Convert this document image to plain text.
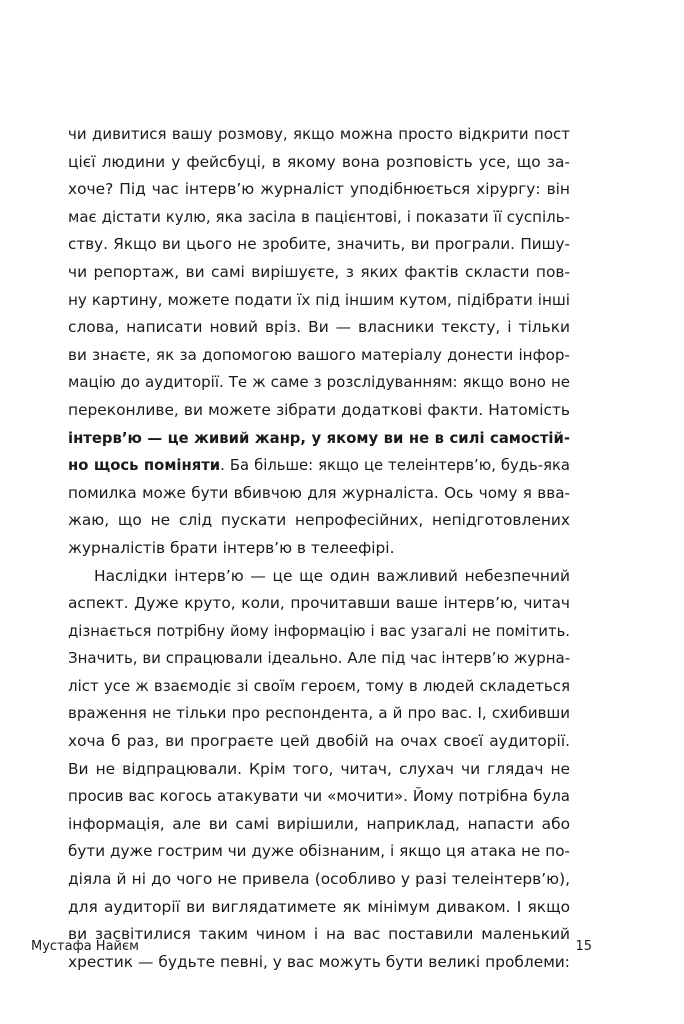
чи дивитися вашу розмову, якщо можна просто відкрити пост
цієї людини у фейсбуці, в якому вона розповість усе, що за-
хоче? Під час інтерв’ю журналіст уподібнюється хірургу: він
має дістати кулю, яка засіла в пацієнтові, і показати її суспіль-
ству. Якщо ви цього не зробите, значить, ви програли. Пишу-
чи репортаж, ви самі вирішуєте, з яких фактів скласти пов-
ну картину, можете подати їх під іншим кутом, підібрати інші
слова, написати новий вріз. Ви — власники тексту, і тільки
ви знаєте, як за допомогою вашого матеріалу донести інфор-
мацію до аудиторії. Те ж саме з розслідуванням: якщо воно не
переконливе, ви можете зібрати додаткові факти. Натомість
інтерв’ю — це живий жанр, у якому ви не в силі самостій-
но щось поміняти. Ба більше: якщо це телеінтерв’ю, будь-яка
помилка може бути вбивчою для журналіста. Ось чому я вва-
жаю, що не слід пускати непрофесійних, непідготовлених
журналістів брати інтерв’ю в телеефірі.
Наслідки інтерв’ю — це ще один важливий небезпечний
аспект. Дуже круто, коли, прочитавши ваше інтерв’ю, читач
дізнається потрібну йому інформацію і вас узагалі не помітить.
Значить, ви спрацювали ідеально. Але під час інтерв’ю журна-
ліст усе ж взаємодіє зі своїм героєм, тому в людей складеться
враження не тільки про респондента, а й про вас. І, схибивши
хоча б раз, ви програєте цей двобій на очах своєї аудиторії.
Ви не відпрацювали. Крім того, читач, слухач чи глядач не
просив вас когось атакувати чи «мочити». Йому потрібна була
інформація, але ви самі вирішили, наприклад, напасти або
бути дуже гострим чи дуже обізнаним, і якщо ця атака не по-
діяла й ні до чого не привела (особливо у разі телеінтерв’ю),
для аудиторії ви виглядатимете як мінімум диваком. І якщо
ви засвітилися таким чином і на вас поставили маленький
хрестик — будьте певні, у вас можуть бути великі проблеми:
Мустафа Найєм	15
